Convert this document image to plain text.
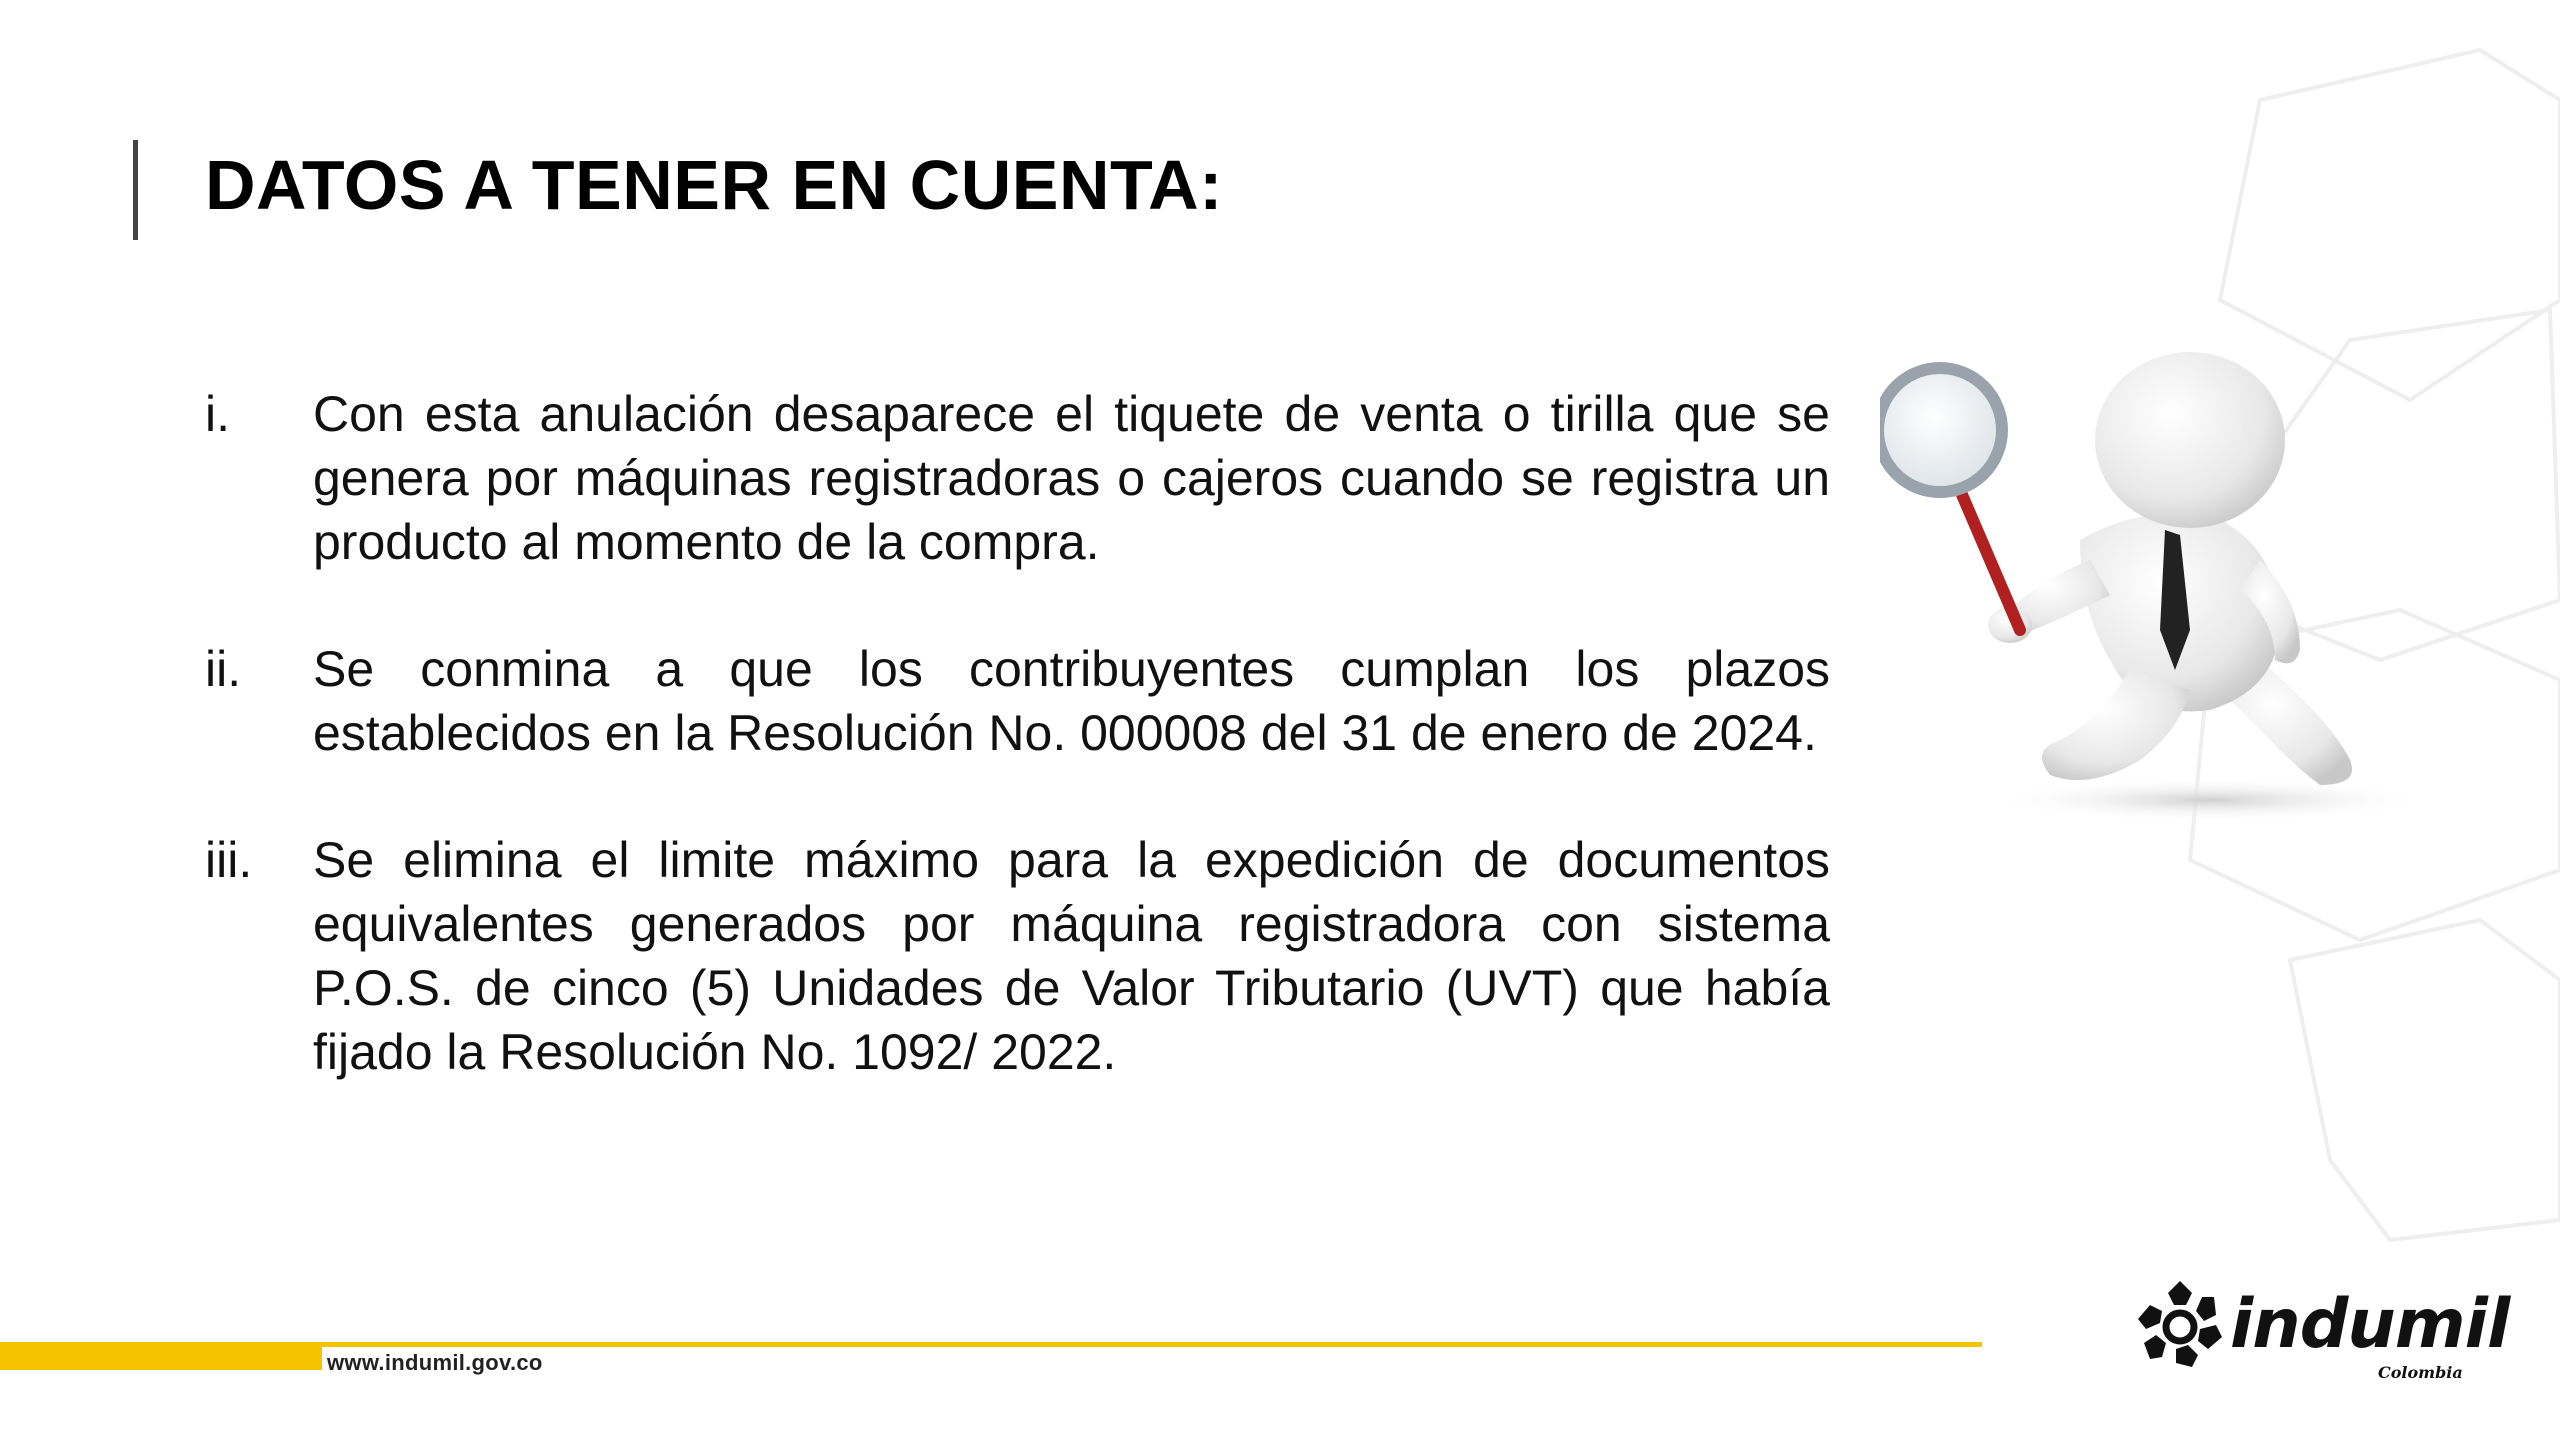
DATOS A TENER EN CUENTA:
i.	Con esta anulación desaparece el tiquete de venta o tirilla que se genera por máquinas registradoras o cajeros cuando se registra un producto al momento de la compra.
ii.	Se conmina a que los contribuyentes cumplan los plazos establecidos en la Resolución No. 000008 del 31 de enero de 2024.
iii.	Se elimina el limite máximo para la expedición de documentos equivalentes generados por máquina registradora con sistema P.O.S. de cinco (5) Unidades de Valor Tributario (UVT) que había fijado la Resolución No. 1092/ 2022.
www.indumil.gov.co	indumil
Colombia
